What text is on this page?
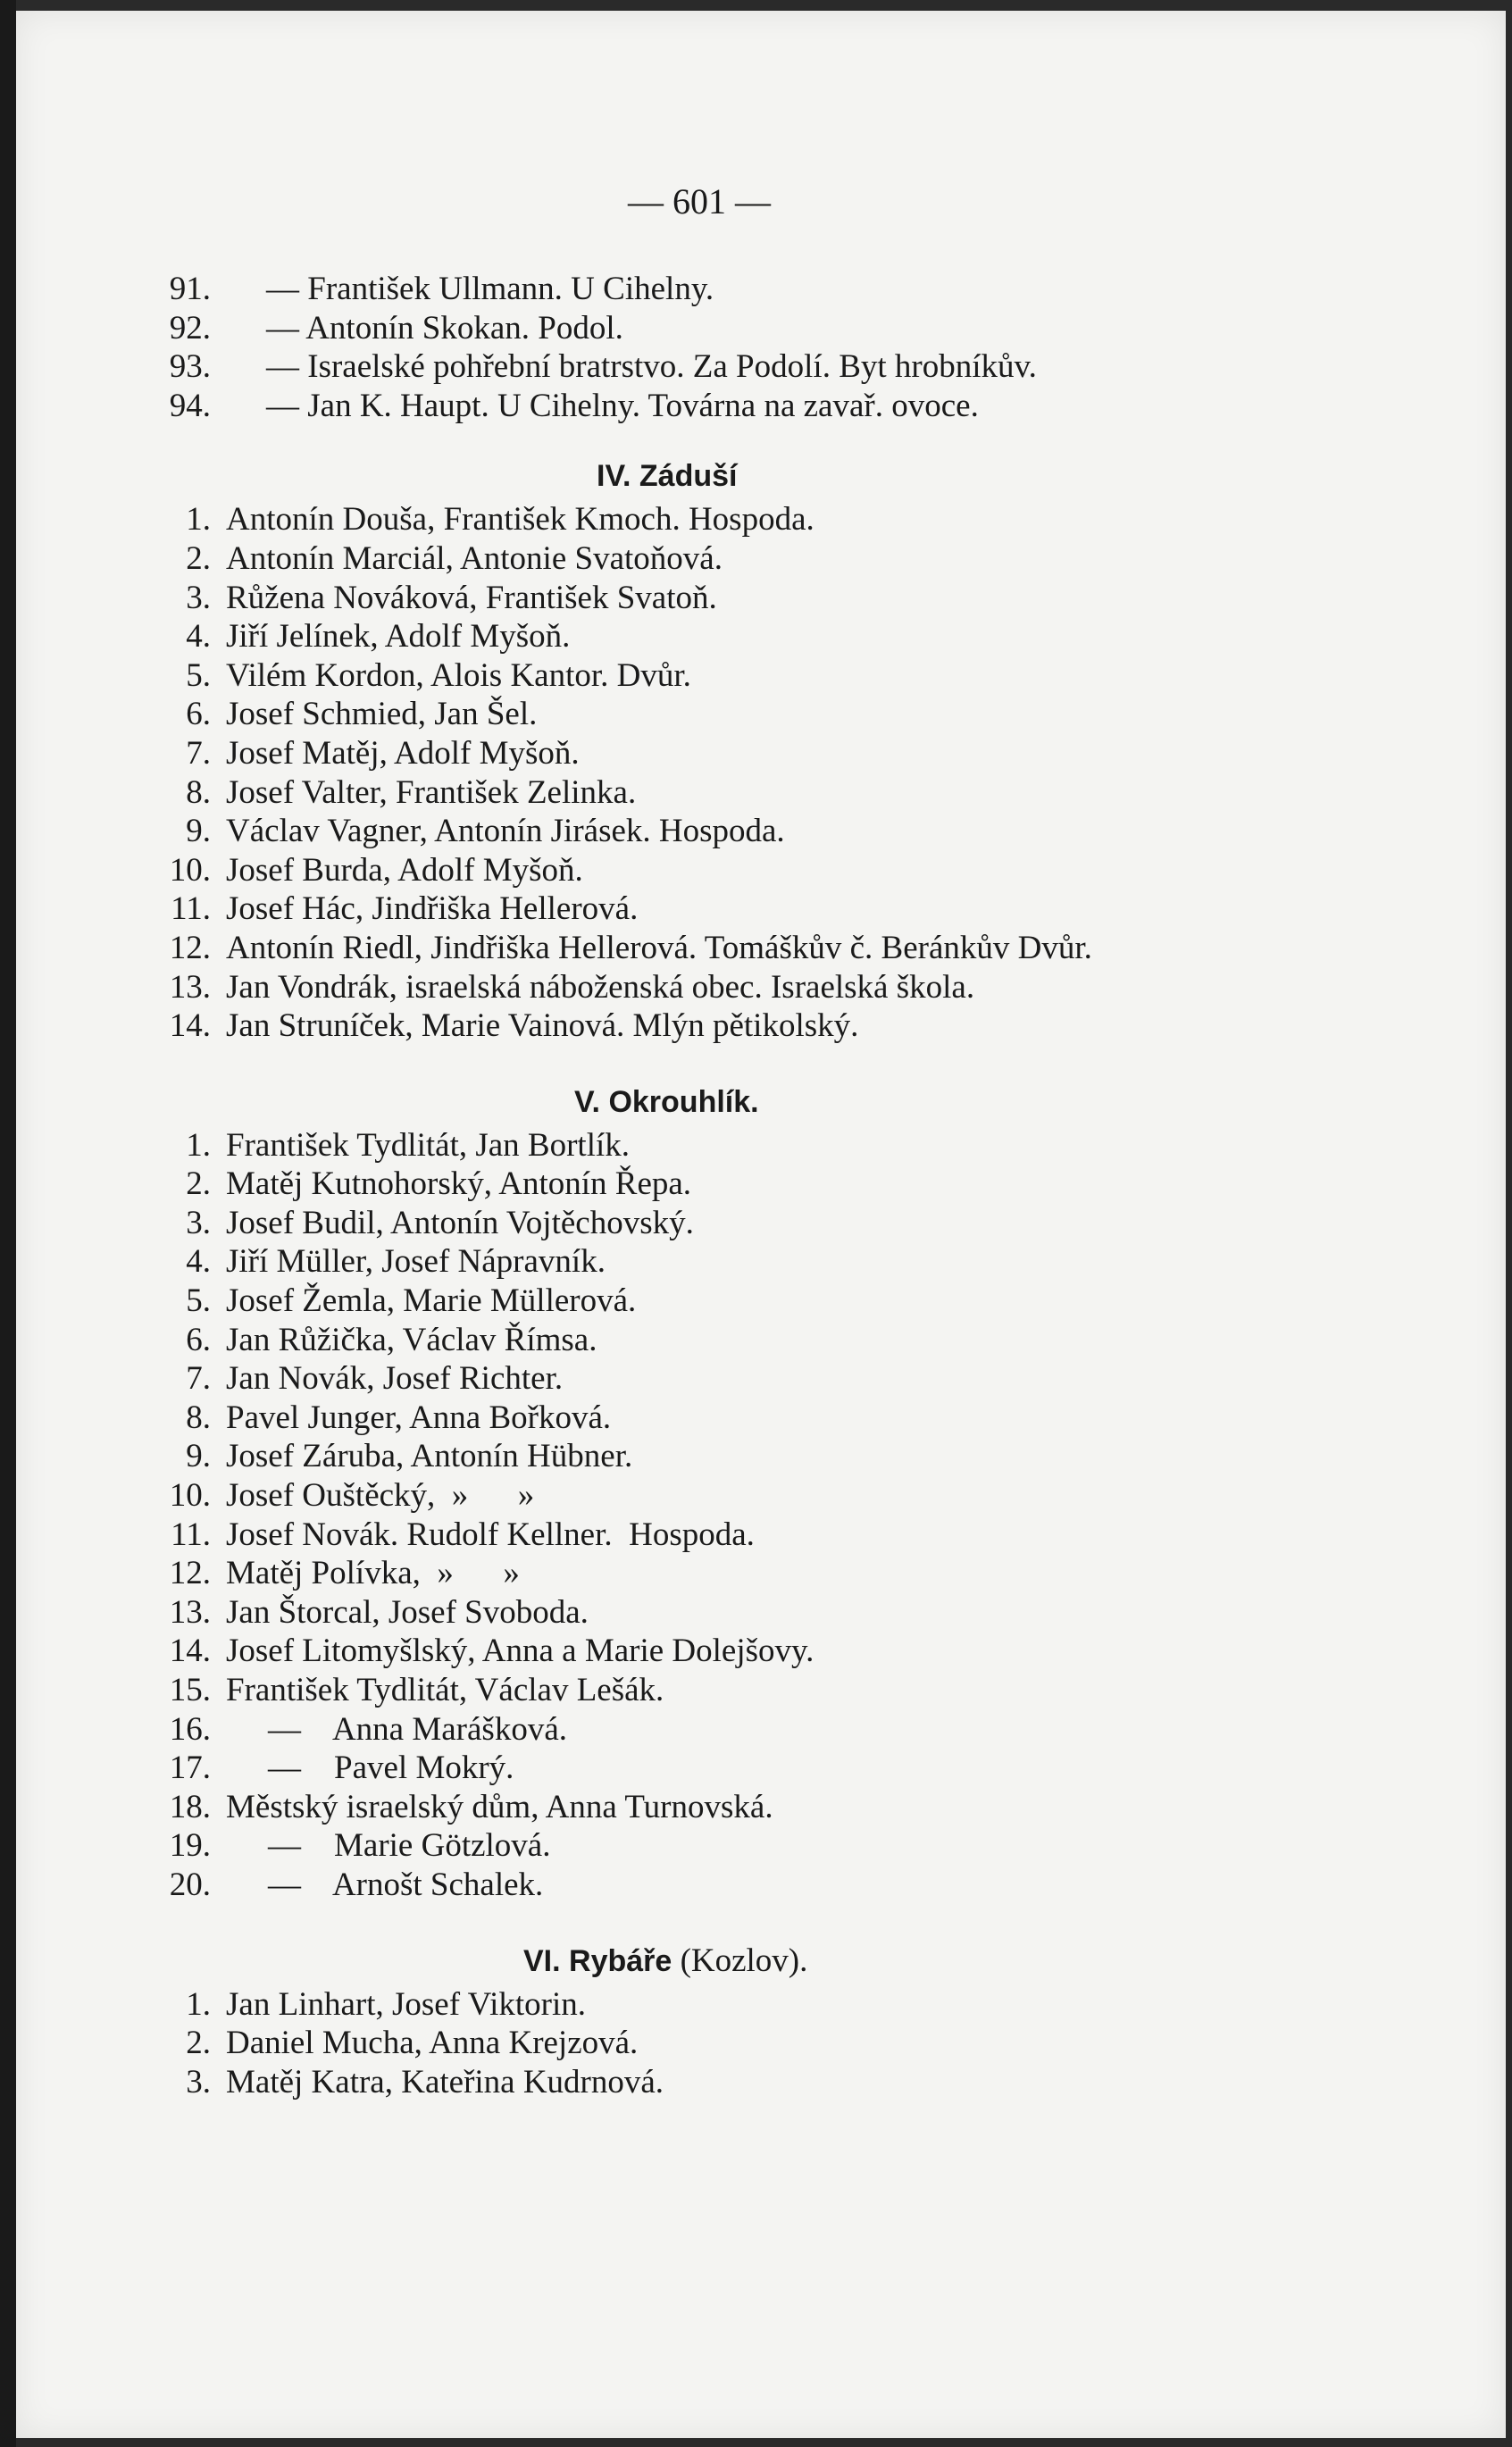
— 601 —

91.	— František Ullmann. U Cihelny.
92.	— Antonín Skokan. Podol.
93.	— Israelské pohřební bratrstvo. Za Podolí. Byt hrobníkův.
94.	— Jan K. Haupt. U Cihelny. Továrna na zavař. ovoce.
IV. Záduší
1. Antonín Douša, František Kmoch. Hospoda.
2. Antonín Marciál, Antonie Svatoňová.
3. Růžena Nováková, František Svatoň.
4. Jiří Jelínek, Adolf Myšoň.
5. Vilém Kordon, Alois Kantor. Dvůr.
6. Josef Schmied, Jan Šel.
7. Josef Matěj, Adolf Myšoň.
8. Josef Valter, František Zelinka.
9. Václav Vagner, Antonín Jirásek. Hospoda.
10. Josef Burda, Adolf Myšoň.
11. Josef Hác, Jindřiška Hellerová.
12. Antonín Riedl, Jindřiška Hellerová. Tomáškův č. Beránkův Dvůr.
13. Jan Vondrák, israelská náboženská obec. Israelská škola.
14. Jan Struníček, Marie Vainová. Mlýn pětikolský.
V. Okrouhlík.
1. František Tydlitát, Jan Bortlík.
2. Matěj Kutnohorský, Antonín Řepa.
3. Josef Budil, Antonín Vojtěchovský.
4. Jiří Müller, Josef Nápravník.
5. Josef Žemla, Marie Müllerová.
6. Jan Růžička, Václav Římsa.
7. Jan Novák, Josef Richter.
8. Pavel Junger, Anna Bořková.
9. Josef Záruba, Antonín Hübner.
10. Josef Ouštěcký,  »      »
11. Josef Novák. Rudolf Kellner.  Hospoda.
12. Matěj Polívka,  »      »
13. Jan Štorcal, Josef Svoboda.
14. Josef Litomyšlský, Anna a Marie Dolejšovy.
15. František Tydlitát, Václav Lešák.
16.	—    Anna Marášková.
17.	—    Pavel Mokrý.
18. Městský israelský dům, Anna Turnovská.
19.	—    Marie Götzlová.
20.	—    Arnošt Schalek.
VI. Rybáře (Kozlov).
1. Jan Linhart, Josef Viktorin.
2. Daniel Mucha, Anna Krejzová.
3. Matěj Katra, Kateřina Kudrnová.
